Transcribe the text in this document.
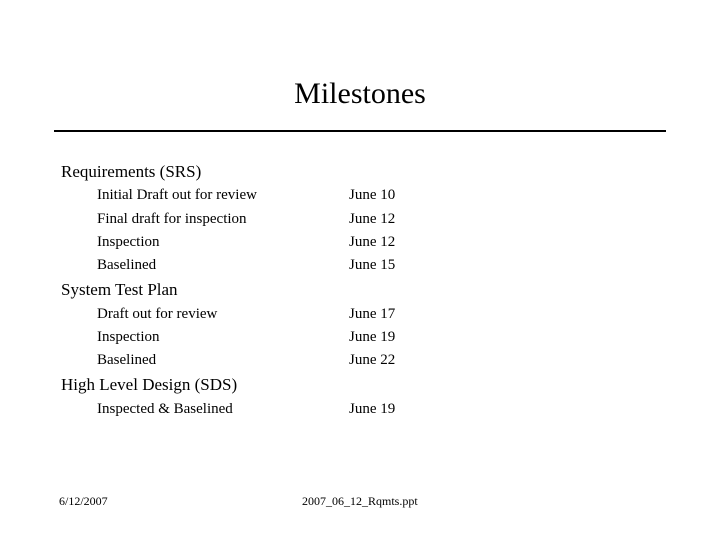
Milestones
Requirements (SRS)
Initial Draft out for review	June 10
Final draft for inspection	June 12
Inspection	June 12
Baselined	June 15
System Test Plan
Draft out for review	June 17
Inspection	June 19
Baselined	June 22
High Level Design (SDS)
Inspected & Baselined	June 19
6/12/2007	2007_06_12_Rqmts.ppt
